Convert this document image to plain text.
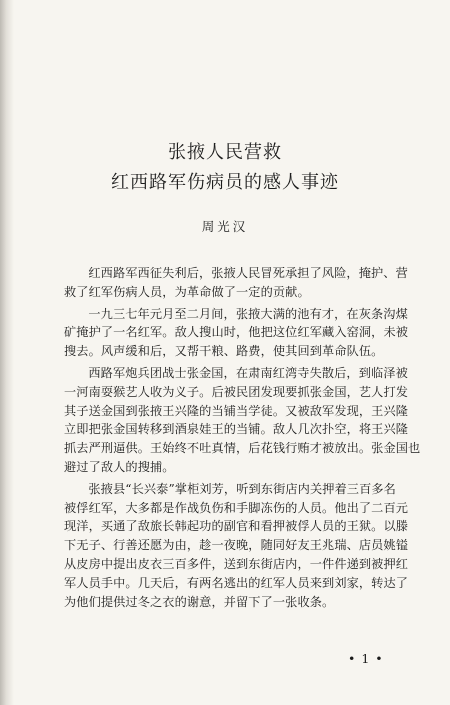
张掖人民营救
红西路军伤病员的感人事迹
周光汉
红西路军西征失利后，张掖人民冒死承担了风险，掩护、营
救了红军伤病人员，为革命做了一定的贡献。
一九三七年元月至二月间，张掖大满的池有才，在灰条沟煤
矿掩护了一名红军。敌人搜山时，他把这位红军藏入窑洞，未被
搜去。风声缓和后，又帮干粮、路费，使其回到革命队伍。
西路军炮兵团战士张金国，在肃南红湾寺失散后，到临泽被
一河南耍猴艺人收为义子。后被民团发现要抓张金国，艺人打发
其子送金国到张掖王兴隆的当铺当学徒。又被敌军发现，王兴隆
立即把张金国转移到酒泉娃王的当铺。敌人几次扑空，将王兴隆
抓去严刑逼供。王始终不吐真情，后花钱行贿才被放出。张金国也
避过了敌人的搜捕。
张掖县“长兴泰”掌柜刘芳，听到东街店内关押着三百多名
被俘红军，大多都是作战负伤和手脚冻伤的人员。他出了二百元
现洋，买通了敌旅长韩起功的副官和看押被俘人员的王狱。以滕
下无子、行善还愿为由，趁一夜晚，随同好友王兆瑞、店员姚镒
从皮房中提出皮衣三百多件，送到东街店内，一件件递到被押红
军人员手中。几天后，有两名逃出的红军人员来到刘家，转达了
为他们提供过冬之衣的谢意，并留下了一张收条。
• 1 •
